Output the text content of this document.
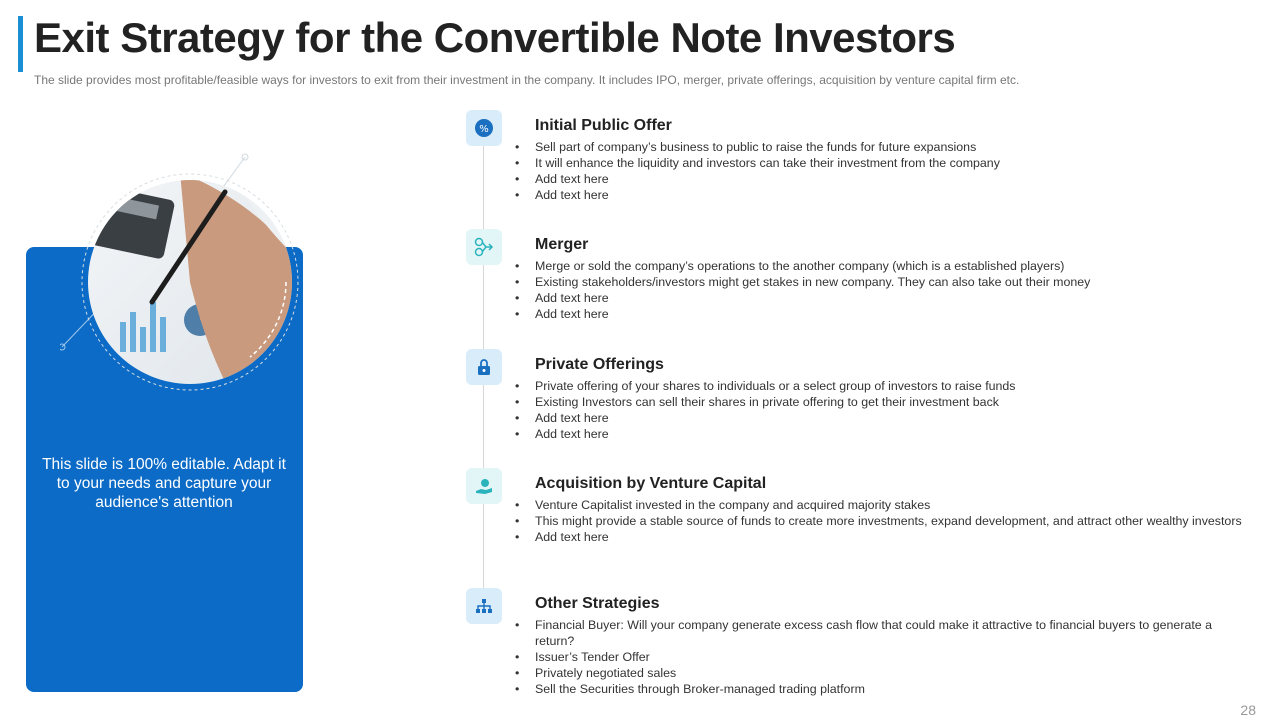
Exit Strategy for the Convertible Note Investors
The slide provides most profitable/feasible ways for investors to exit from their investment in the company. It includes IPO, merger, private offerings, acquisition by venture capital firm etc.
This slide is 100% editable. Adapt it to your needs and capture your audience's attention
%	Initial Public Offer
• Sell part of company’s business to public to raise the funds for future expansions
• It will enhance the liquidity and investors can take their investment from the company
• Add text here
• Add text here
Merger
• Merge or sold the company’s operations to the another company (which is a established players)
• Existing stakeholders/investors might get stakes in new company. They can also take out their money
• Add text here
• Add text here
Private Offerings
• Private offering of your shares to individuals or a select group of investors to raise funds
• Existing Investors can sell their shares in private offering to get their investment back
• Add text here
• Add text here
Acquisition by Venture Capital
• Venture Capitalist invested in the company and acquired majority stakes
• This might provide a stable source of funds to create more investments, expand development, and attract other wealthy investors
• Add text here
Other Strategies
• Financial Buyer: Will your company generate excess cash flow that could make it attractive to financial buyers to generate a return?
• Issuer’s Tender Offer
• Privately negotiated sales
• Sell the Securities through Broker-managed trading platform
28
